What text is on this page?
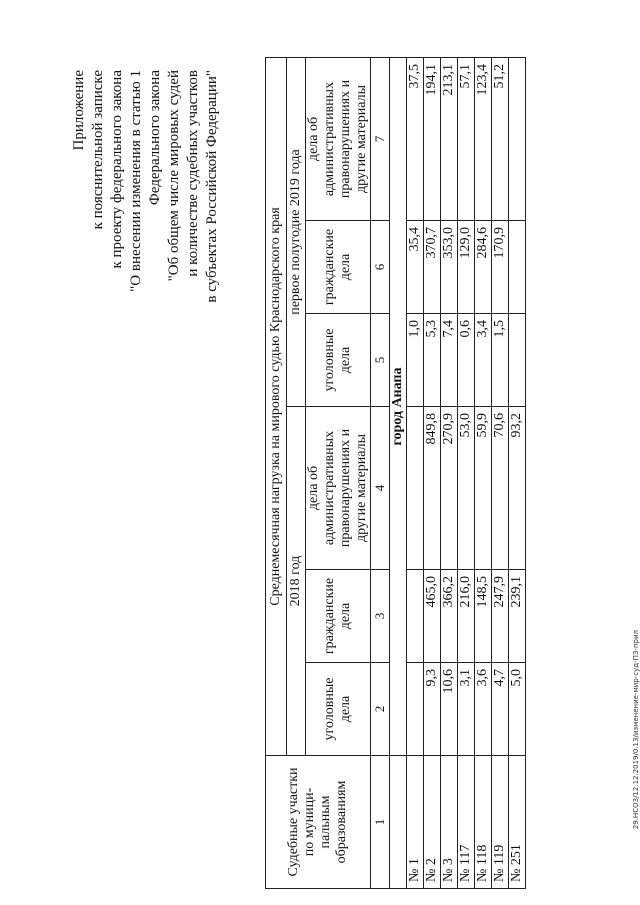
Приложение к пояснительной записке к проекту федерального закона "О внесении изменения в статью 1 Федерального закона "Об общем числе мировых судей и количестве судебных участков в субъектах Российской Федерации"
Судебные участки по муници-пальным образованиям	Среднемесячная нагрузка на мирового судью Краснодарского края					
	2018 год			первое полугодие 2019 года		
	уголовные дела	гражданские дела	дела об административных правонарушениях и другие материалы	уголовные дела	гражданские дела	дела об административных правонарушениях и другие материалы
1	2	3	4	5	6	7
	город Анапа					
№ 1				1,0	35,4	37,5
№ 2	9,3	465,0	849,8	5,3	370,7	194,1
№ 3	10,6	366,2	270,9	7,4	353,0	213,1
№ 117	3,1	216,0	53,0	0,6	129,0	57,1
№ 118	3,6	148,5	59,9	3,4	284,6	123,4
№ 119	4,7	247,9	70,6	1,5	170,9	51,2
№ 251	5,0	239,1	93,2			
29.НСОЗ/12.12.2019/0.13/изменение-мир-суд-ПЗ-прил
